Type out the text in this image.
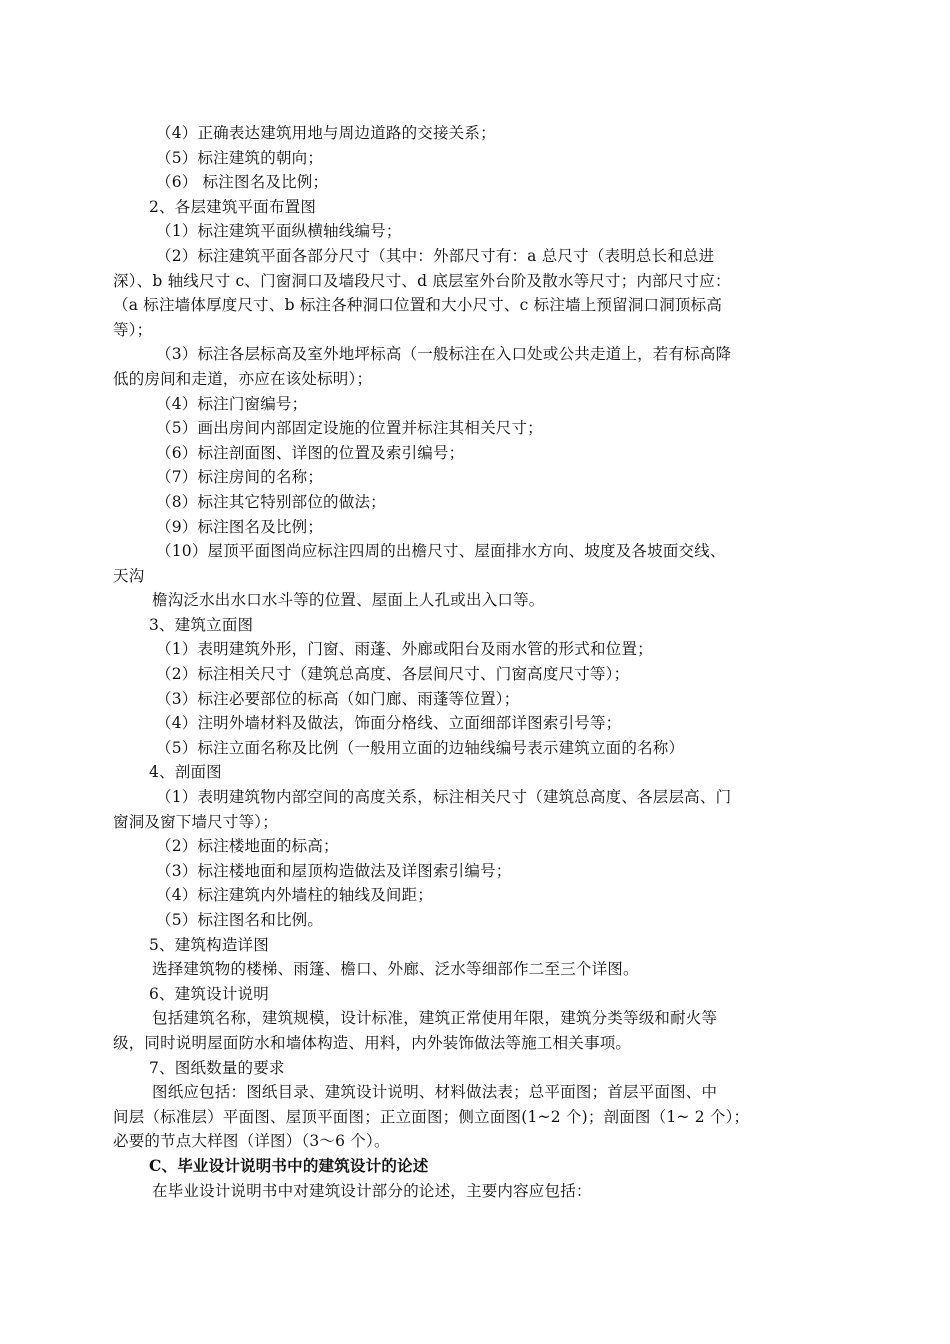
（4）正确表达建筑用地与周边道路的交接关系；
（5）标注建筑的朝向；
（6） 标注图名及比例；
2、各层建筑平面布置图
（1）标注建筑平面纵横轴线编号；
（2）标注建筑平面各部分尺寸（其中：外部尺寸有：a 总尺寸（表明总长和总进
深）、b 轴线尺寸 c、门窗洞口及墙段尺寸、d 底层室外台阶及散水等尺寸；内部尺寸应：
（a 标注墙体厚度尺寸、b 标注各种洞口位置和大小尺寸、c 标注墙上预留洞口洞顶标高
等）；
（3）标注各层标高及室外地坪标高（一般标注在入口处或公共走道上，若有标高降
低的房间和走道，亦应在该处标明）；
（4）标注门窗编号；
（5）画出房间内部固定设施的位置并标注其相关尺寸；
（6）标注剖面图、详图的位置及索引编号；
（7）标注房间的名称；
（8）标注其它特别部位的做法；
（9）标注图名及比例；
（10）屋顶平面图尚应标注四周的出檐尺寸、屋面排水方向、坡度及各坡面交线、
天沟
檐沟泛水出水口水斗等的位置、屋面上人孔或出入口等。
3、建筑立面图
（1）表明建筑外形，门窗、雨蓬、外廊或阳台及雨水管的形式和位置；
（2）标注相关尺寸（建筑总高度、各层间尺寸、门窗高度尺寸等）；
（3）标注必要部位的标高（如门廊、雨蓬等位置）；
（4）注明外墙材料及做法，饰面分格线、立面细部详图索引号等；
（5）标注立面名称及比例（一般用立面的边轴线编号表示建筑立面的名称）
4、剖面图
（1）表明建筑物内部空间的高度关系，标注相关尺寸（建筑总高度、各层层高、门
窗洞及窗下墙尺寸等）；
（2）标注楼地面的标高；
（3）标注楼地面和屋顶构造做法及详图索引编号；
（4）标注建筑内外墙柱的轴线及间距；
（5）标注图名和比例。
5、建筑构造详图
选择建筑物的楼梯、雨篷、檐口、外廊、泛水等细部作二至三个详图。
6、建筑设计说明
包括建筑名称，建筑规模，设计标准，建筑正常使用年限，建筑分类等级和耐火等
级，同时说明屋面防水和墙体构造、用料，内外装饰做法等施工相关事项。
7、图纸数量的要求
图纸应包括：图纸目录、建筑设计说明、材料做法表；总平面图；首层平面图、中
间层（标准层）平面图、屋顶平面图；正立面图；侧立面图(1~2 个)；剖面图（1~ 2 个）；
必要的节点大样图（详图）（3～6 个）。
C、毕业设计说明书中的建筑设计的论述
在毕业设计说明书中对建筑设计部分的论述，主要内容应包括：
